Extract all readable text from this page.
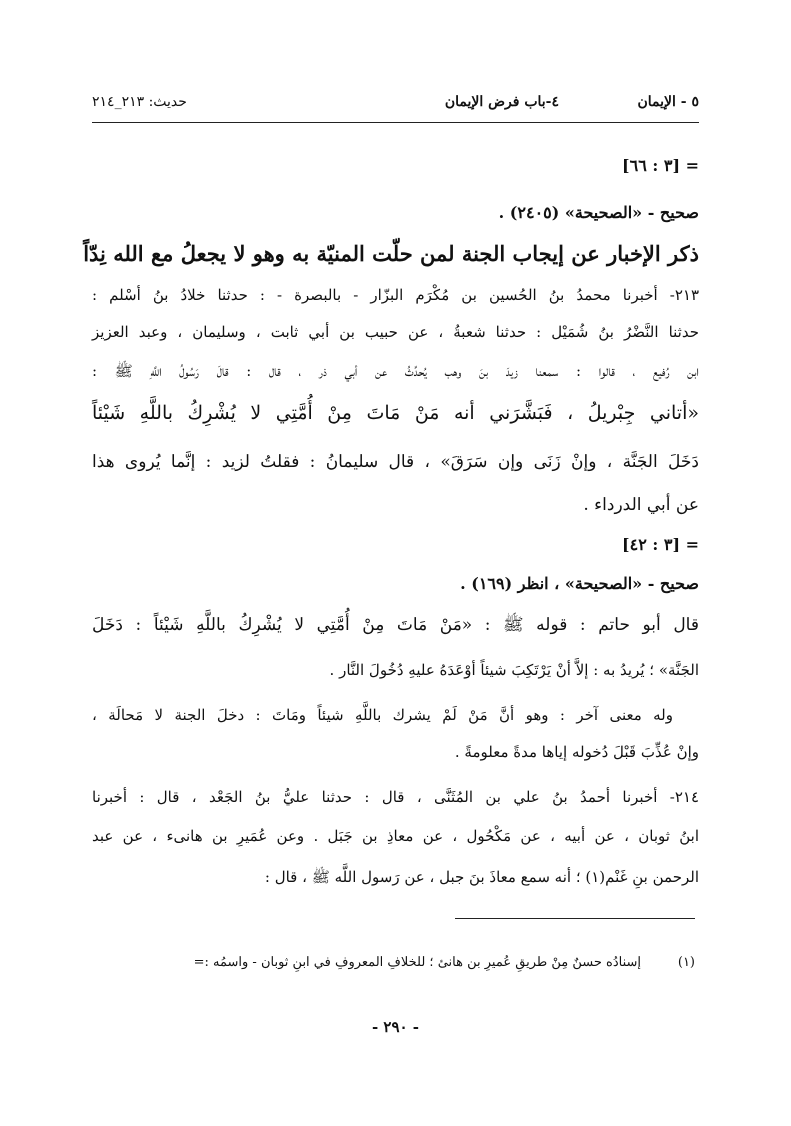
٥ - الإيمان
٤-باب فرض الإيمان
حديث: ٢١٣_٢١٤
= [٣ : ٦٦]
صحيح - «الصحيحة» (٢٤٠٥) .
ذكر الإخبار عن إيجاب الجنة لمن حلّت المنيّة به وهو لا يجعلُ مع الله نِدّاً
٢١٣- أخبرنا محمدُ بنُ الحُسين بن مُكْرَم البزّار - بالبصرة - : حدثنا خلادُ بنُ أسْلم :
حدثنا النَّضْرُ بنُ شُمَيْل : حدثنا شعبةُ ، عن حبيب بن أبي ثابت ، وسليمان ، وعبد العزيز
ابن رُفيع ، قالوا : سمعنا زيدَ بنَ وهب يُحدِّثُ عن أبي ذر ، قال : قالَ رَسُولُ اللَّهِ ﷺ :
«أتاني جِبْريلُ ، فَبَشَّرَني أنه مَنْ مَاتَ مِنْ أُمَّتِي لا يُشْرِكُ باللَّهِ شَيْئاً
دَخَلَ الجَنَّة ، وإنْ زَنَى وإن سَرَقَ» ، قال سليمانُ : فقلتُ لزيد : إنَّما يُروى هذا
عن أبي الدرداء .
= [٣ : ٤٢]
صحيح - «الصحيحة» ، انظر (١٦٩) .
قال أبو حاتم : قوله ﷺ : «مَنْ مَاتَ مِنْ أُمَّتِي لا يُشْرِكُ باللَّهِ شَيْئاً : دَخَلَ
الجَنَّة» ؛ يُريدُ به : إلاَّ أنْ يَرْتَكِبَ شيئاً أوْعَدَهُ عليهِ دُخُولَ النَّار .
وله معنى آخر : وهو أنَّ مَنْ لَمْ يشرك باللَّهِ شيئاً ومَاتَ : دخلَ الجنة لا مَحالَة ،
وإنْ عُذِّبَ قَبْلَ دُخوله إياها مدةً معلومةً .
٢١٤- أخبرنا أحمدُ بنُ علي بن المُثَنَّى ، قال : حدثنا عليُّ بنُ الجَعْد ، قال : أخبرنا
ابنُ ثوبان ، عن أبيه ، عن مَكْحُول ، عن معاذِ بن جَبَل . وعن عُمَيرِ بن هانىء ، عن عبد
الرحمن بنِ غَنْم(١) ؛ أنه سمع معاذَ بنَ جبل ، عن رَسول اللَّه ﷺ ، قال :
(١)
إسنادُه حسنٌ مِنْ طريقِ عُميرِ بن هانئ ؛ للخلافِ المعروفِ في ابنِ ثوبان - واسمُه :=
- ٢٩٠ -
